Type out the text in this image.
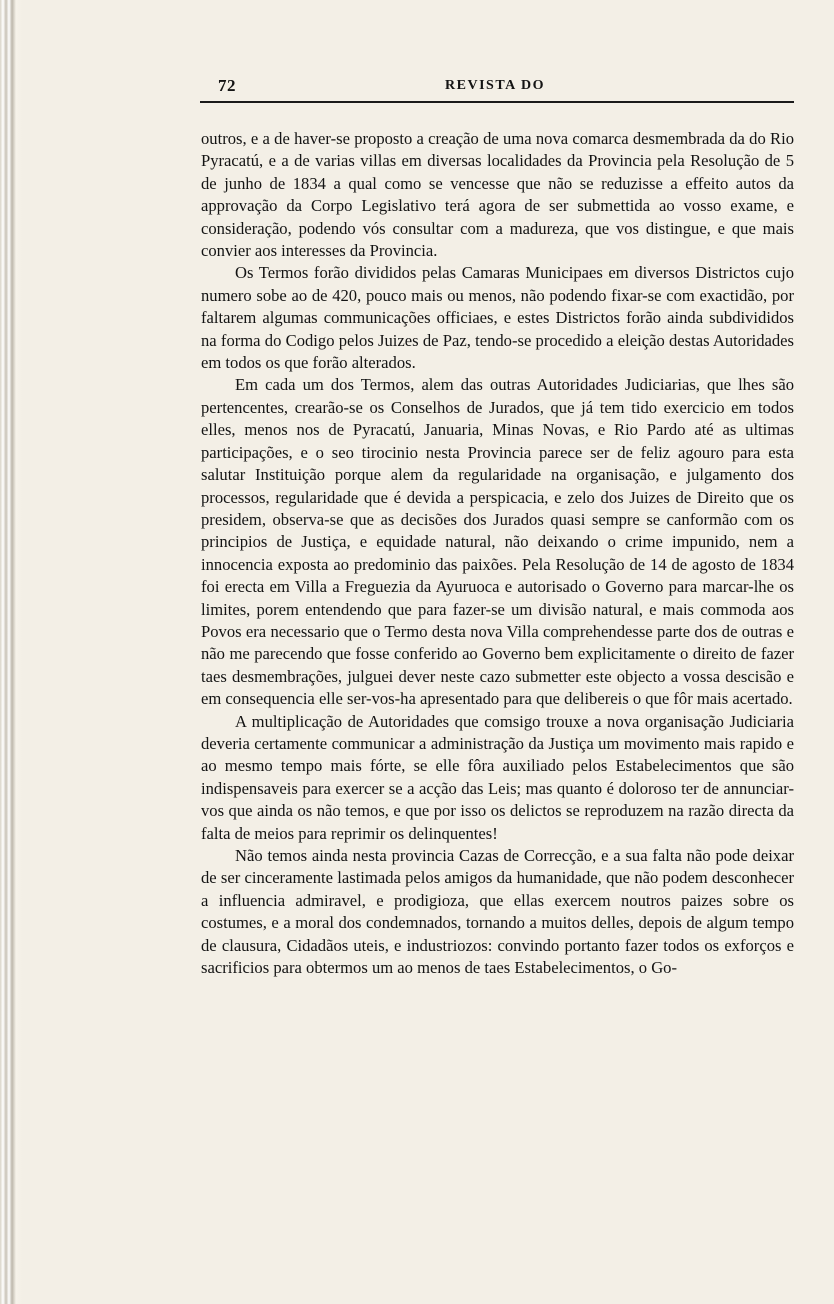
72	REVISTA DO

outros, e a de haver-se proposto a creação de uma nova comarca desmembrada da do Rio Pyracatú, e a de varias villas em diversas localidades da Provincia pela Resolução de 5 de junho de 1834 a qual como se vencesse que não se reduzisse a effeito autos da approvação da Corpo Legislativo terá agora de ser submettida ao vosso exame, e consideração, podendo vós consultar com a madureza, que vos distingue, e que mais convier aos interesses da Provincia.

Os Termos forão divididos pelas Camaras Municipaes em diversos Districtos cujo numero sobe ao de 420, pouco mais ou menos, não podendo fixar-se com exactidão, por faltarem algumas communicações officiaes, e estes Districtos forão ainda subdivididos na forma do Codigo pelos Juizes de Paz, tendo-se procedido a eleição destas Autoridades em todos os que forão alterados.

Em cada um dos Termos, alem das outras Autoridades Judiciarias, que lhes são pertencentes, crearão-se os Conselhos de Jurados, que já tem tido exercicio em todos elles, menos nos de Pyracatú, Januaria, Minas Novas, e Rio Pardo até as ultimas participações, e o seo tirocinio nesta Provincia parece ser de feliz agouro para esta salutar Instituição porque alem da regularidade na organisação, e julgamento dos processos, regularidade que é devida a perspicacia, e zelo dos Juizes de Direito que os presidem, observa-se que as decisões dos Jurados quasi sempre se canformão com os principios de Justiça, e equidade natural, não deixando o crime impunido, nem a innocencia exposta ao predominio das paixões. Pela Resolução de 14 de agosto de 1834 foi erecta em Villa a Freguezia da Ayuruoca e autorisado o Governo para marcar-lhe os limites, porem entendendo que para fazer-se um divisão natural, e mais commoda aos Povos era necessario que o Termo desta nova Villa comprehendesse parte dos de outras e não me parecendo que fosse conferido ao Governo bem explicitamente o direito de fazer taes desmembrações, julguei dever neste cazo submetter este objecto a vossa descisão e em consequencia elle ser-vos-ha apresentado para que delibereis o que fôr mais acertado.

A multiplicação de Autoridades que comsigo trouxe a nova organisação Judiciaria deveria certamente communicar a administração da Justiça um movimento mais rapido e ao mesmo tempo mais fórte, se elle fôra auxiliado pelos Estabelecimentos que são indispensaveis para exercer se a acção das Leis; mas quanto é doloroso ter de annunciar-vos que ainda os não temos, e que por isso os delictos se reproduzem na razão directa da falta de meios para reprimir os delinquentes!

Não temos ainda nesta provincia Cazas de Correcção, e a sua falta não pode deixar de ser cinceramente lastimada pelos amigos da humanidade, que não podem desconhecer a influencia admiravel, e prodigioza, que ellas exercem noutros paizes sobre os costumes, e a moral dos condemnados, tornando a muitos delles, depois de algum tempo de clausura, Cidadãos uteis, e industriozos: convindo portanto fazer todos os exforços e sacrificios para obtermos um ao menos de taes Estabelecimentos, o Go-
